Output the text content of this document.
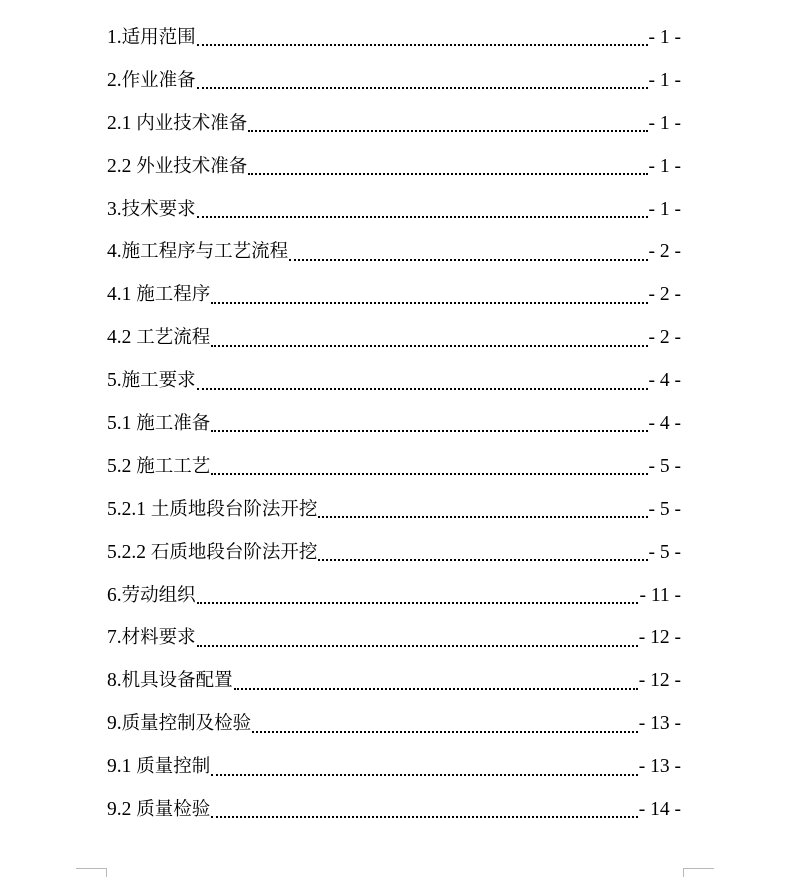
1.适用范围	- 1 -
2.作业准备	- 1 -
2.1 内业技术准备	- 1 -
2.2 外业技术准备	- 1 -
3.技术要求	- 1 -
4.施工程序与工艺流程	- 2 -
4.1 施工程序	- 2 -
4.2 工艺流程	- 2 -
5.施工要求	- 4 -
5.1 施工准备	- 4 -
5.2 施工工艺	- 5 -
5.2.1 土质地段台阶法开挖	- 5 -
5.2.2 石质地段台阶法开挖	- 5 -
6.劳动组织	- 11 -
7.材料要求	- 12 -
8.机具设备配置	- 12 -
9.质量控制及检验	- 13 -
9.1 质量控制	- 13 -
9.2 质量检验	- 14 -
